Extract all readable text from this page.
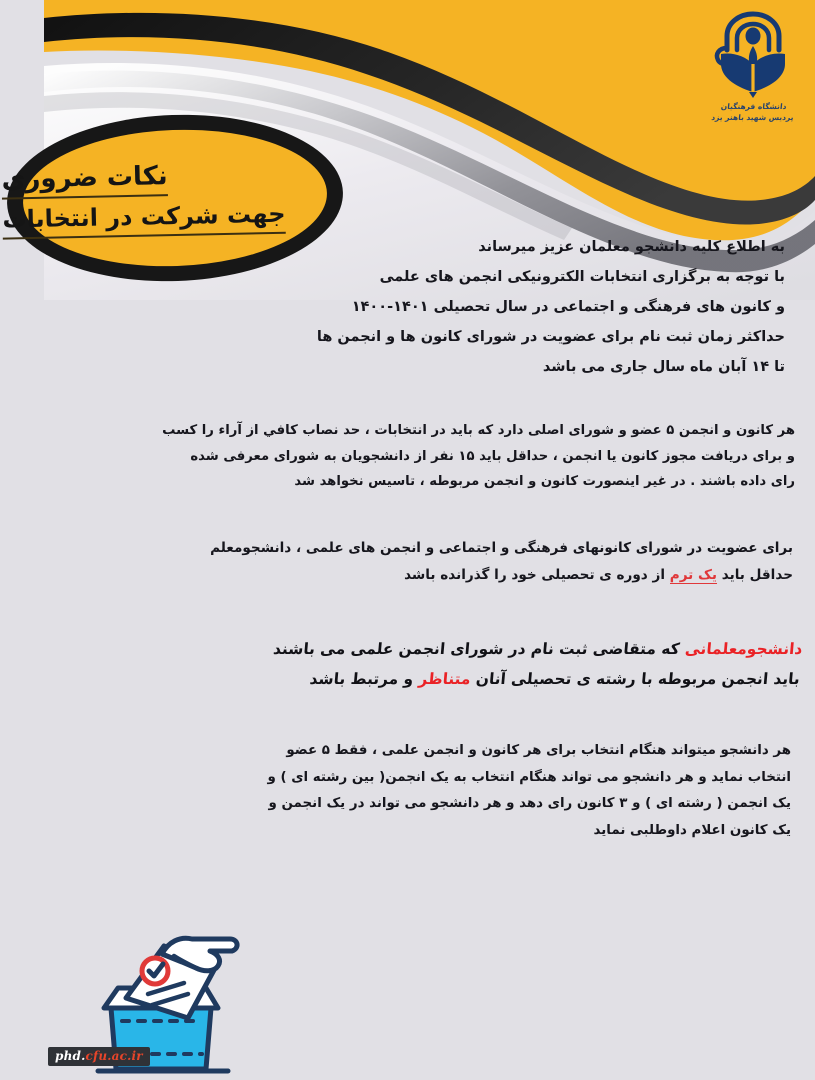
دانشگاه فرهنگیان
پردیس شهید باهنر یزد
نکات ضروری
جهت شرکت در انتخابات
به اطلاع کلیه دانشجو معلمان عزیز میرساند
با توجه به برگزاری انتخابات الکترونیکی انجمن های علمی
و کانون های فرهنگی و اجتماعی در سال تحصیلی ۱۴۰۱-۱۴۰۰
حداکثر زمان ثبت نام برای عضویت در شورای کانون ها و انجمن ها
تا ۱۴ آبان ماه سال جاری می باشد
هر کانون و انجمن ۵ عضو و شورای اصلی دارد که باید در انتخابات ، حد نصاب کافي از آراء را کسب
و برای دریافت مجوز کانون یا انجمن ، حداقل باید ۱۵ نفر از دانشجویان به شورای معرفی شده
رای داده باشند . در غیر اینصورت کانون و انجمن مربوطه ، تاسیس نخواهد شد
برای عضویت در شورای کانونهای فرهنگی و اجتماعی و انجمن های علمی ، دانشجومعلم
حداقل باید یک ترم از دوره ی تحصیلی خود را گذرانده باشد
دانشجومعلمانی که متقاضی ثبت نام در شورای انجمن علمی می باشند
باید انجمن مربوطه با رشته ی تحصیلی آنان متناظر و مرتبط باشد
هر دانشجو میتواند هنگام انتخاب برای هر کانون و انجمن علمی ، فقط ۵ عضو
انتخاب نماید و هر دانشجو می تواند هنگام انتخاب به یک انجمن( بین رشته ای ) و
یک انجمن ( رشته ای ) و ۳ کانون رای دهد و هر دانشجو می تواند در یک انجمن و
یک کانون اعلام داوطلبی نماید
phd.cfu.ac.ir
